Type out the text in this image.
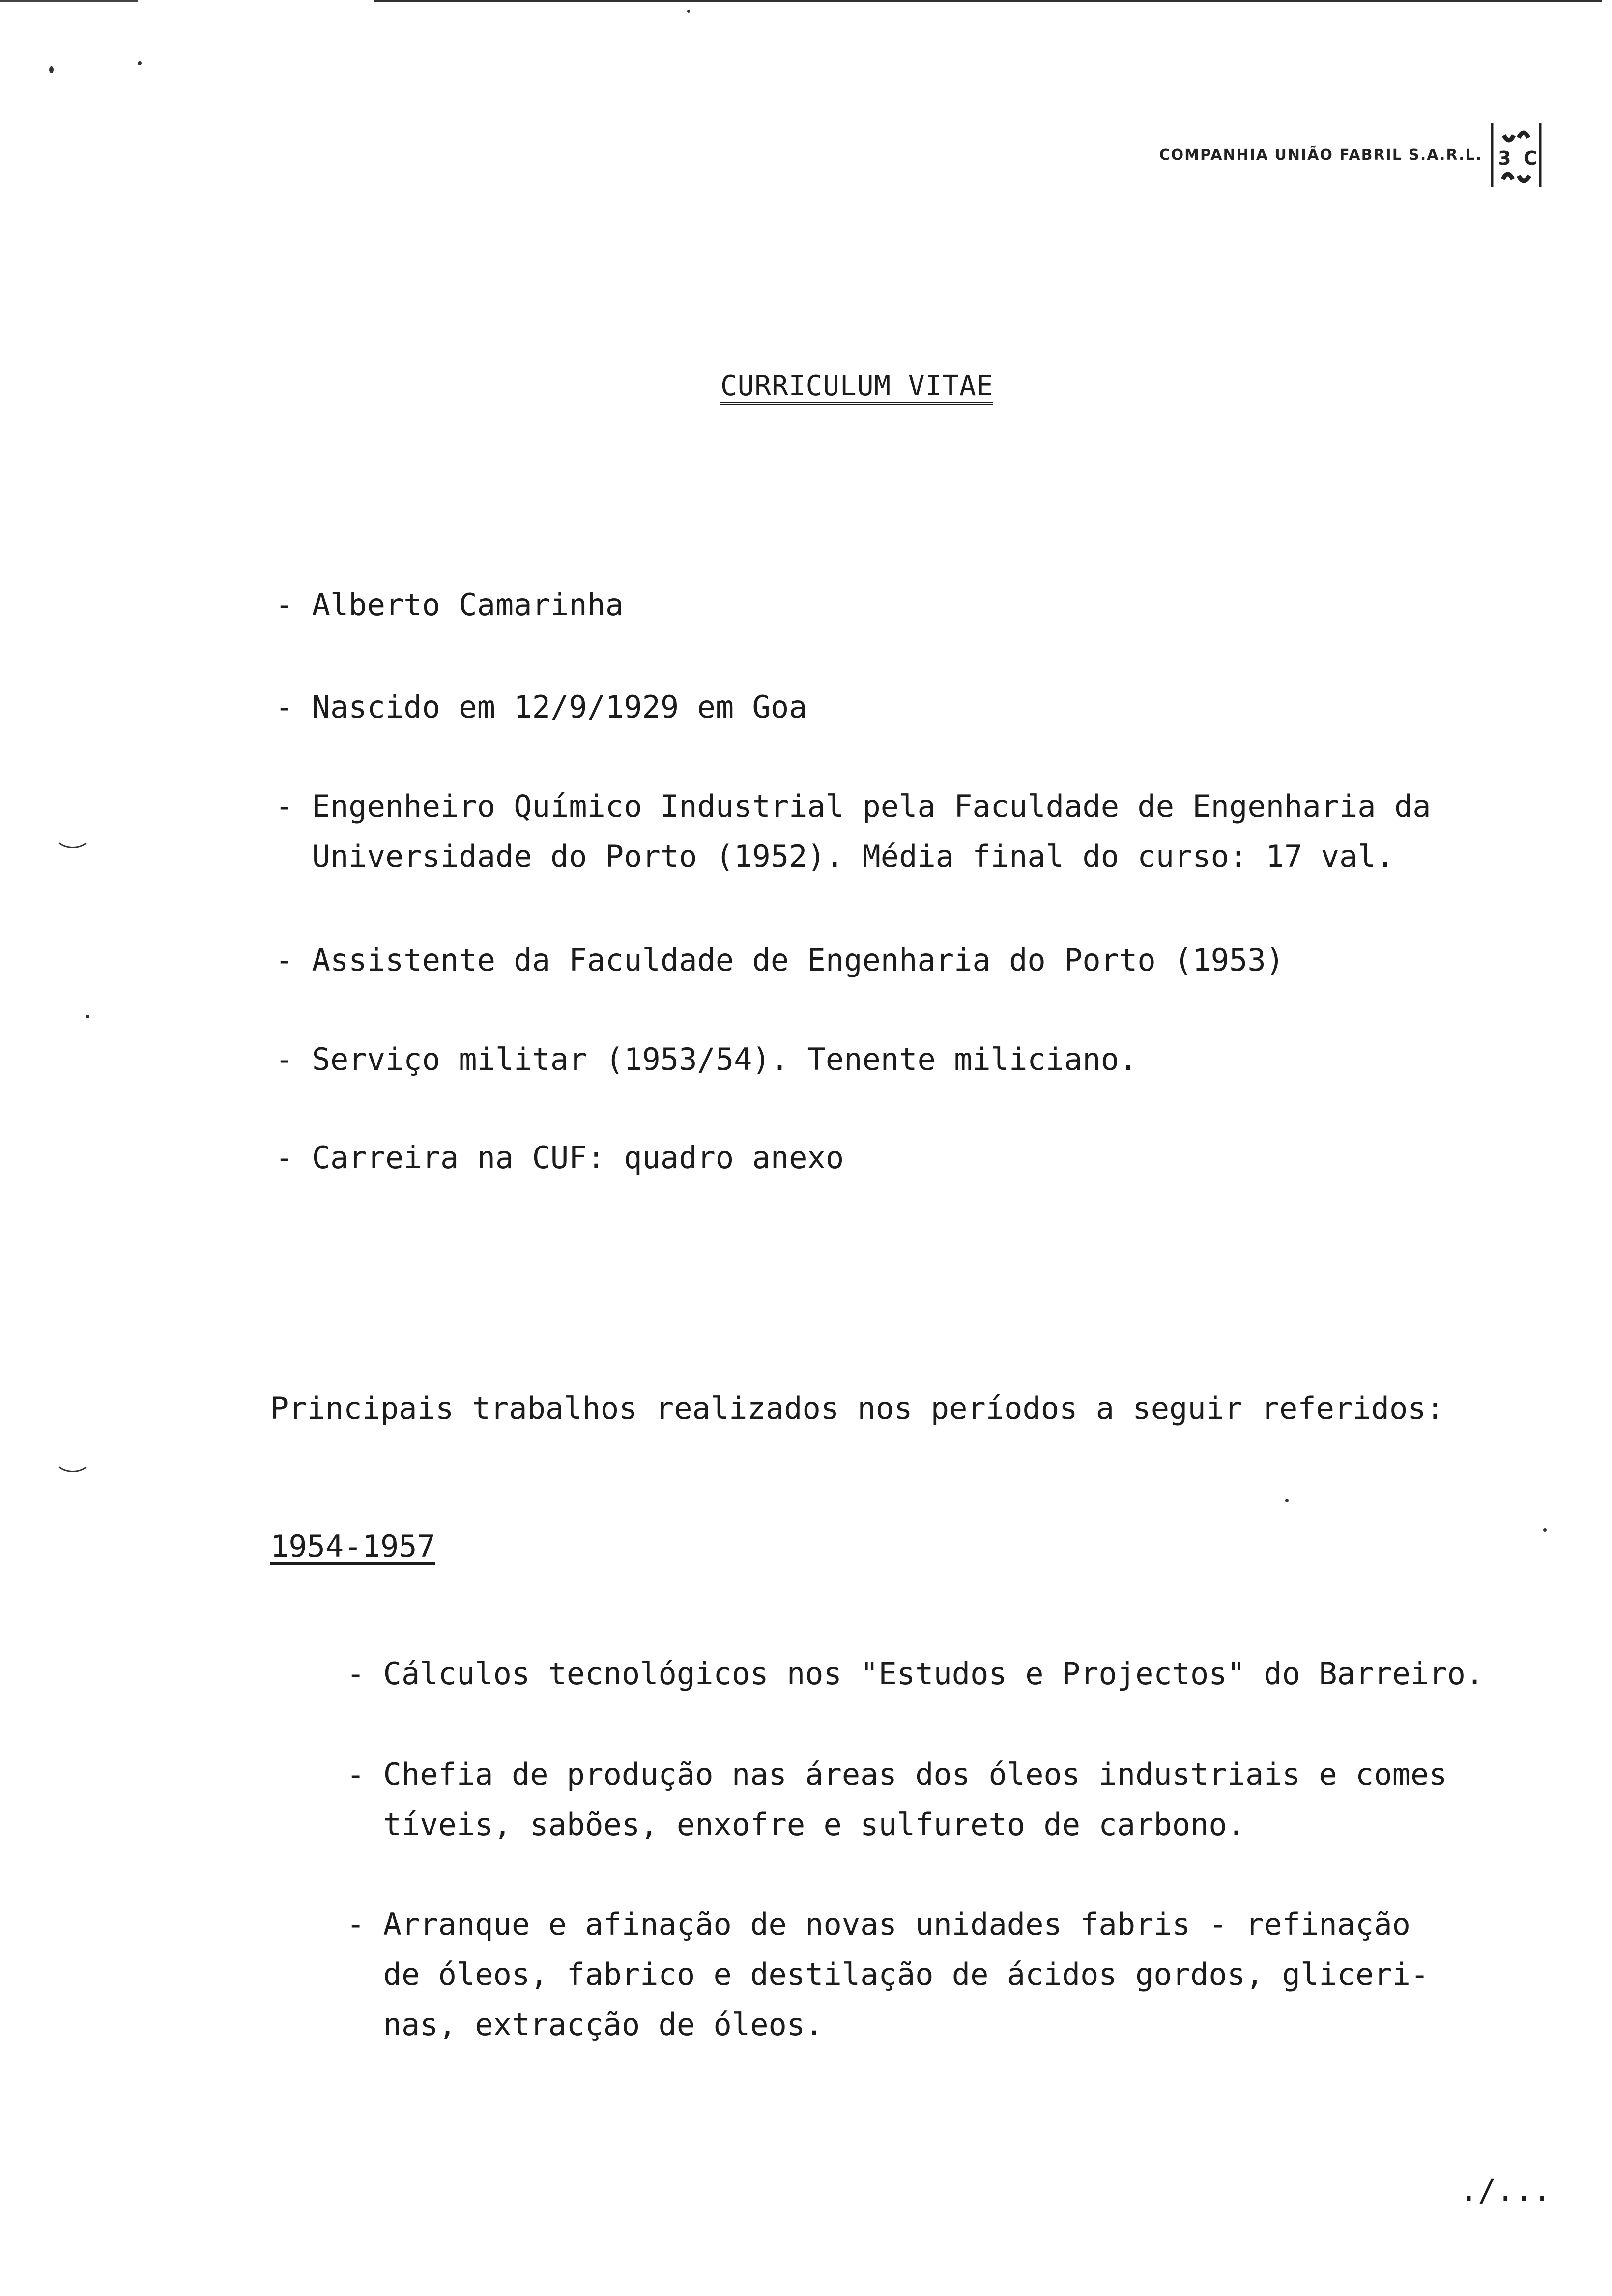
COMPANHIA UNIÃO FABRIL S.A.R.L. 3 C
CURRICULUM VITAE
- Alberto Camarinha
- Nascido em 12/9/1929 em Goa
- Engenheiro Químico Industrial pela Faculdade de Engenharia da
Universidade do Porto (1952). Média final do curso: 17 val.
- Assistente da Faculdade de Engenharia do Porto (1953)
- Serviço militar (1953/54). Tenente miliciano.
- Carreira na CUF: quadro anexo
Principais trabalhos realizados nos períodos a seguir referidos:
1954-1957
- Cálculos tecnológicos nos "Estudos e Projectos" do Barreiro.
- Chefia de produção nas áreas dos óleos industriais e comes
tíveis, sabões, enxofre e sulfureto de carbono.
- Arranque e afinação de novas unidades fabris - refinação
de óleos, fabrico e destilação de ácidos gordos, gliceri-
nas, extracção de óleos.
./...
